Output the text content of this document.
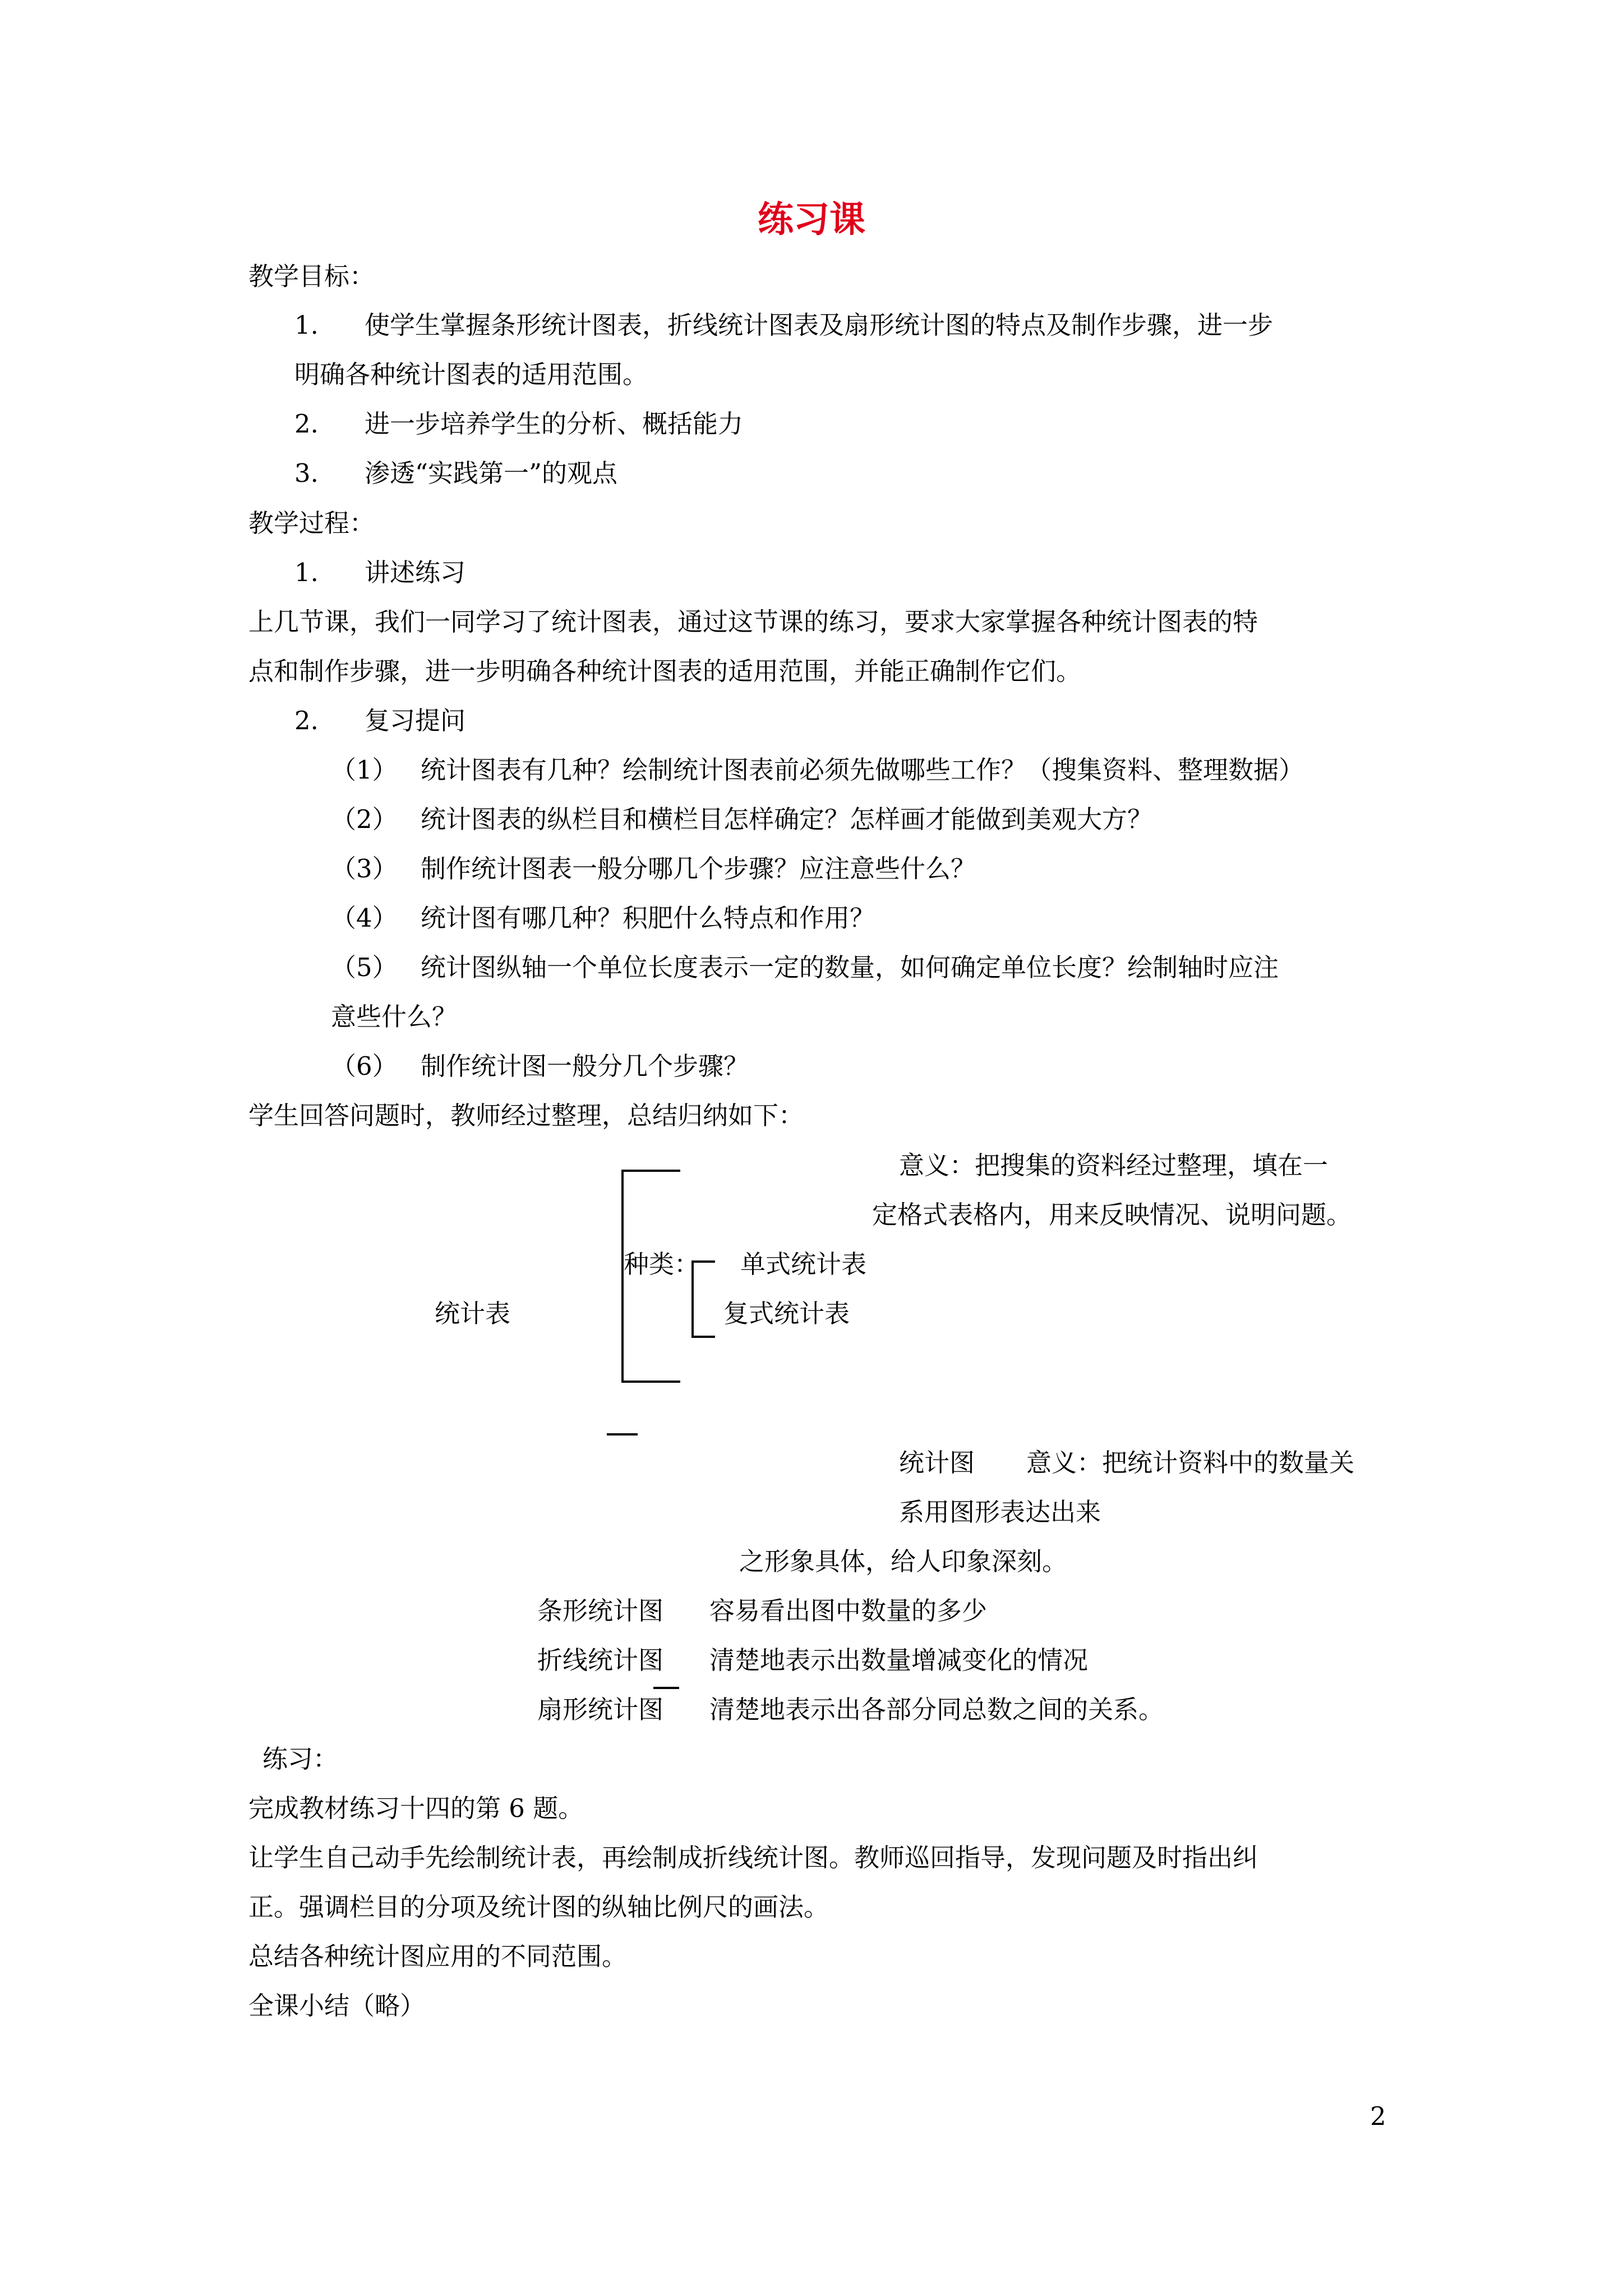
练习课
教学目标：
1. 使学生掌握条形统计图表，折线统计图表及扇形统计图的特点及制作步骤，进一步
明确各种统计图表的适用范围。
2. 进一步培养学生的分析、概括能力
3. 渗透“实践第一”的观点
教学过程：
1. 讲述练习
上几节课，我们一同学习了统计图表，通过这节课的练习，要求大家掌握各种统计图表的特
点和制作步骤，进一步明确各种统计图表的适用范围，并能正确制作它们。
2. 复习提问
（1） 统计图表有几种？绘制统计图表前必须先做哪些工作？（搜集资料、整理数据）
（2） 统计图表的纵栏目和横栏目怎样确定？怎样画才能做到美观大方？
（3） 制作统计图表一般分哪几个步骤？应注意些什么？
（4） 统计图有哪几种？积肥什么特点和作用？
（5） 统计图纵轴一个单位长度表示一定的数量，如何确定单位长度？绘制轴时应注
意些什么？
（6） 制作统计图一般分几个步骤？
学生回答问题时，教师经过整理，总结归纳如下：
意义：把搜集的资料经过整理，填在一
定格式表格内，用来反映情况、说明问题。
种类： 单式统计表
统计表	复式统计表
统计图 意义：把统计资料中的数量关
系用图形表达出来
之形象具体，给人印象深刻。
条形统计图 容易看出图中数量的多少
折线统计图 清楚地表示出数量增减变化的情况
扇形统计图 清楚地表示出各部分同总数之间的关系。
练习：
完成教材练习十四的第 6 题。
让学生自己动手先绘制统计表，再绘制成折线统计图。教师巡回指导，发现问题及时指出纠
正。强调栏目的分项及统计图的纵轴比例尺的画法。
总结各种统计图应用的不同范围。
全课小结（略）
2
